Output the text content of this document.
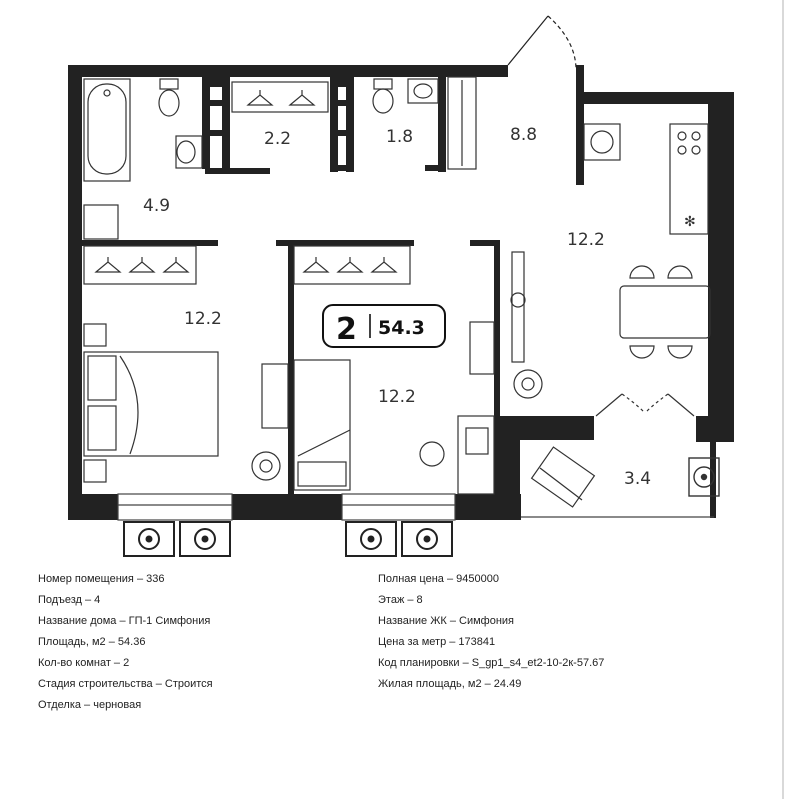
✻
2 54.3
4.9
2.2	1.8	8.8
12.2
12.2
12.2
3.4
Номер помещения – 336
Подъезд – 4
Название дома – ГП-1 Симфония
Площадь, м2 – 54.36
Кол-во комнат – 2
Стадия строительства – Строится
Отделка – черновая
Полная цена – 9450000
Этаж – 8
Название ЖК – Симфония
Цена за метр – 173841
Код планировки – S_gp1_s4_et2-10-2к-57.67
Жилая площадь, м2 – 24.49
